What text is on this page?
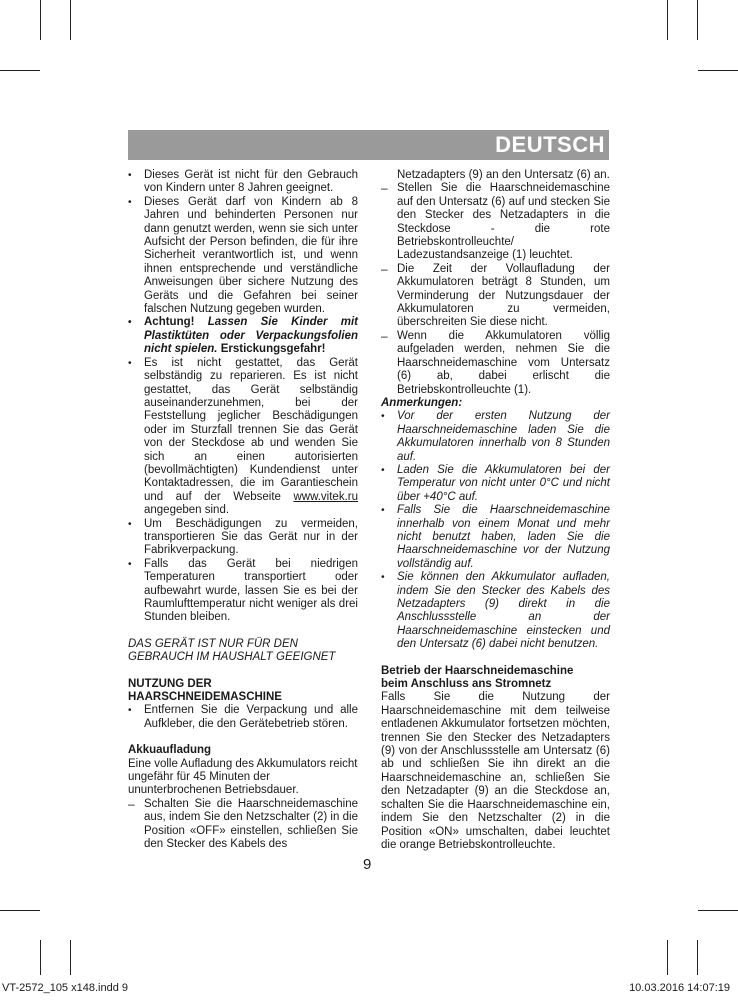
DEUTSCH
•	Dieses Gerät ist nicht für den Gebrauch von Kindern unter 8 Jahren geeignet.
•	Dieses Gerät darf von Kindern ab 8 Jahren und behinderten Personen nur dann genutzt werden, wenn sie sich unter Aufsicht der Person befinden, die für ihre Sicherheit verantwortlich ist, und wenn ihnen entsprechende und verständliche Anweisungen über sichere Nutzung des Geräts und die Gefahren bei seiner falschen Nutzung gegeben wurden.
•	Achtung! Lassen Sie Kinder mit Plastiktüten oder Verpackungsfolien nicht spielen. Erstickungsgefahr!
•	Es ist nicht gestattet, das Gerät selbständig zu reparieren. Es ist nicht gestattet, das Gerät selbständig auseinanderzunehmen, bei der Feststellung jeglicher Beschädigungen oder im Sturzfall trennen Sie das Gerät von der Steckdose ab und wenden Sie sich an einen autorisierten (bevollmächtigten) Kundendienst unter Kontaktadressen, die im Garantieschein und auf der Webseite www.vitek.ru angegeben sind.
•	Um Beschädigungen zu vermeiden, transportieren Sie das Gerät nur in der Fabrikverpackung.
•	Falls das Gerät bei niedrigen Temperaturen transportiert oder aufbewahrt wurde, lassen Sie es bei der Raumlufttemperatur nicht weniger als drei Stunden bleiben.
DAS GERÄT IST NUR FÜR DEN GEBRAUCH IM HAUSHALT GEEIGNET
NUTZUNG DER
HAARSCHNEIDEMASCHINE
•	Entfernen Sie die Verpackung und alle Aufkleber, die den Gerätebetrieb stören.
Akkuaufladung
Eine volle Aufladung des Akkumulators reicht ungefähr für 45 Minuten der ununterbrochenen Betriebsdauer.
– Schalten Sie die Haarschneidemaschine aus, indem Sie den Netzschalter (2) in die Position «OFF» einstellen, schließen Sie den Stecker des Kabels des
Netzadapters (9) an den Untersatz (6) an.
– Stellen Sie die Haarschneidemaschine auf den Untersatz (6) auf und stecken Sie den Stecker des Netzadapters in die Steckdose - die rote Betriebskontrolleuchte/ Ladezustandsanzeige (1) leuchtet.
– Die Zeit der Vollaufladung der Akkumulatoren beträgt 8 Stunden, um Verminderung der Nutzungsdauer der Akkumulatoren zu vermeiden, überschreiten Sie diese nicht.
– Wenn die Akkumulatoren völlig aufgeladen werden, nehmen Sie die Haarschneidemaschine vom Untersatz (6) ab, dabei erlischt die Betriebskontrolleuchte (1).
Anmerkungen:
•	Vor der ersten Nutzung der Haarschneidemaschine laden Sie die Akkumulatoren innerhalb von 8 Stunden auf.
•	Laden Sie die Akkumulatoren bei der Temperatur von nicht unter 0°C und nicht über +40°C auf.
•	Falls Sie die Haarschneidemaschine innerhalb von einem Monat und mehr nicht benutzt haben, laden Sie die Haarschneidemaschine vor der Nutzung vollständig auf.
•	Sie können den Akkumulator aufladen, indem Sie den Stecker des Kabels des Netzadapters (9) direkt in die Anschlussstelle an der Haarschneidemaschine einstecken und den Untersatz (6) dabei nicht benutzen.
Betrieb der Haarschneidemaschine
beim Anschluss ans Stromnetz
Falls Sie die Nutzung der Haarschneidemaschine mit dem teilweise entladenen Akkumulator fortsetzen möchten, trennen Sie den Stecker des Netzadapters (9) von der Anschlussstelle am Untersatz (6) ab und schließen Sie ihn direkt an die Haarschneidemaschine an, schließen Sie den Netzadapter (9) an die Steckdose an, schalten Sie die Haarschneidemaschine ein, indem Sie den Netzschalter (2) in die Position «ON» umschalten, dabei leuchtet die orange Betriebskontrolleuchte.
9
VT-2572_105 x148.indd 9	10.03.2016 14:07:19
